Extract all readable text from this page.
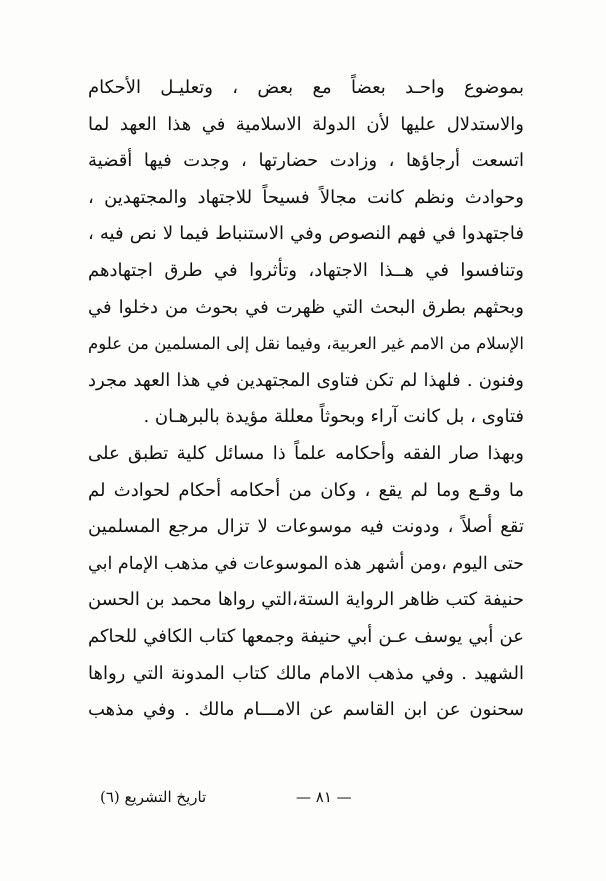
بموضوع واحـد بعضاً مع بعض ، وتعليـل الأحكام
والاستدلال عليها لأن الدولة الاسلامية في هذا العهد لما
اتسعت أرجاؤها ، وزادت حضارتها ، وجدت فيها أقضية
وحوادث ونظم كانت مجالاً فسيحاً للاجتهاد والمجتهدين ،
فاجتهدوا في فهم النصوص وفي الاستنباط فيما لا نص فيه ،
وتنافسوا في هــذا الاجتهاد، وتأثروا في طرق اجتهادهم
وبحثهم بطرق البحث التي ظهرت في بحوث من دخلوا في
الإسلام من الامم غير العربية، وفيما نقل إلى المسلمين من علوم
وفنون . فلهذا لم تكن فتاوى المجتهدين في هذا العهد مجرد
فتاوى ، بل كانت آراء وبحوثاً معللة مؤيدة بالبرهـان .
وبهذا صار الفقه وأحكامه علماً ذا مسائل كلية تطبق على
ما وقـع وما لم يقع ، وكان من أحكامه أحكام لحوادث لم
تقع أصلاً ، ودونت فيه موسوعات لا تزال مرجع المسلمين
حتى اليوم ،ومن أشهر هذه الموسوعات في مذهب الإمام ابي
حنيفة كتب ظاهر الرواية الستة،التي رواها محمد بن الحسن
عن أبي يوسف عـن أبي حنيفة وجمعها كتاب الكافي للحاكم
الشهيد . وفي مذهب الامام مالك كتاب المدونة التي رواها
سحنون عن ابن القاسم عن الامـــام مالك . وفي مذهب
— ٨١ —
تاريخ التشريع (٦)
